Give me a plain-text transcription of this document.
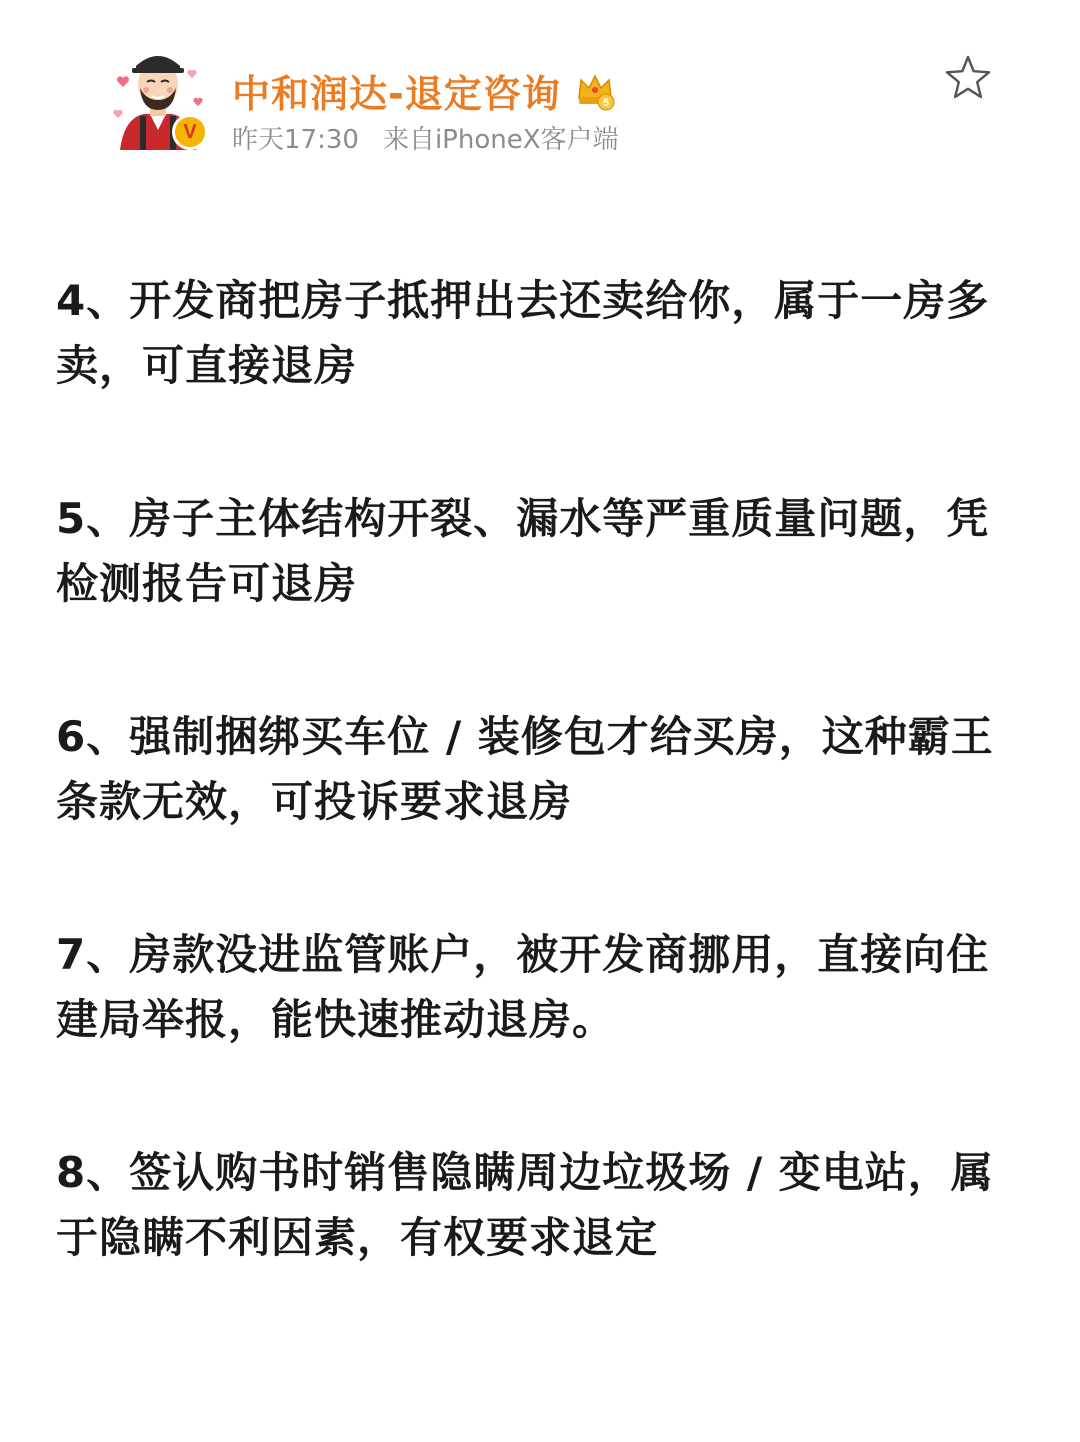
V
中和润达-退定咨询	5
昨天17:30 来自iPhoneX客户端

4、开发商把房子抵押出去还卖给你，属于一房多卖，可直接退房

5、房子主体结构开裂、漏水等严重质量问题，凭检测报告可退房

6、强制捆绑买车位 / 装修包才给买房，这种霸王条款无效，可投诉要求退房

7、房款没进监管账户，被开发商挪用，直接向住建局举报，能快速推动退房。

8、签认购书时销售隐瞒周边垃圾场 / 变电站，属于隐瞒不利因素，有权要求退定
